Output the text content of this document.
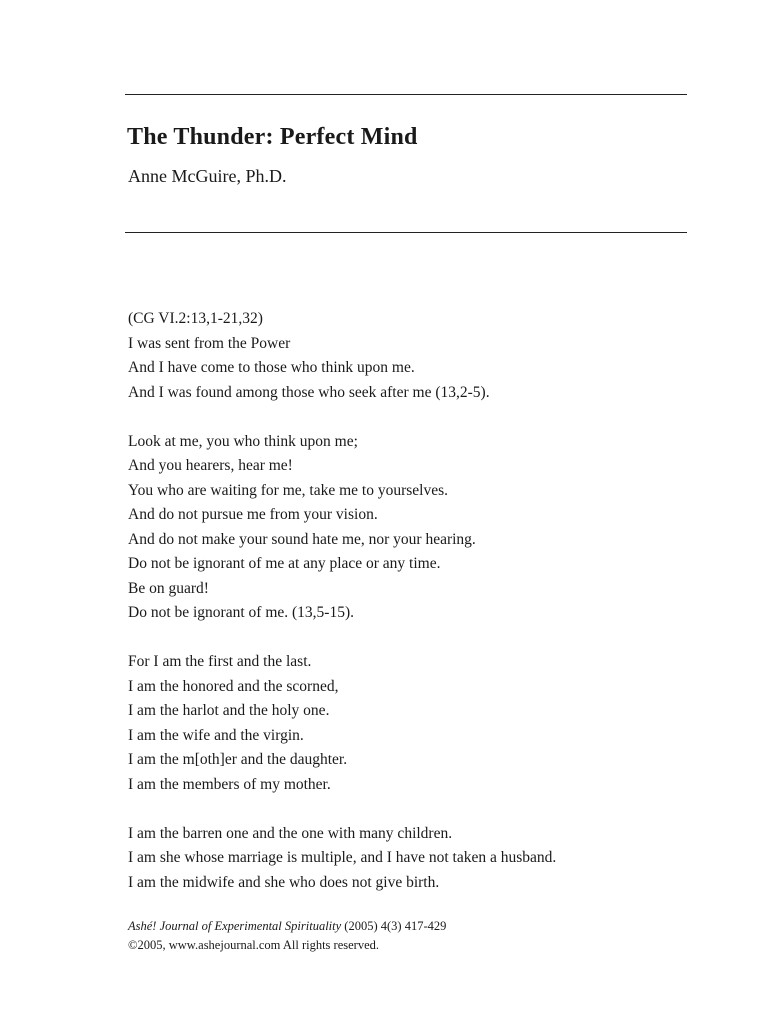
The Thunder: Perfect Mind
Anne McGuire, Ph.D.
(CG VI.2:13,1-21,32)
I was sent from the Power
And I have come to those who think upon me.
And I was found among those who seek after me (13,2-5).
Look at me, you who think upon me;
And you hearers, hear me!
You who are waiting for me, take me to yourselves.
And do not pursue me from your vision.
And do not make your sound hate me, nor your hearing.
Do not be ignorant of me at any place or any time.
Be on guard!
Do not be ignorant of me. (13,5-15).
For I am the first and the last.
I am the honored and the scorned,
I am the harlot and the holy one.
I am the wife and the virgin.
I am the m[oth]er and the daughter.
I am the members of my mother.
I am the barren one and the one with many children.
I am she whose marriage is multiple, and I have not taken a husband.
I am the midwife and she who does not give birth.
Ashé! Journal of Experimental Spirituality (2005) 4(3) 417-429
©2005, www.ashejournal.com All rights reserved.
